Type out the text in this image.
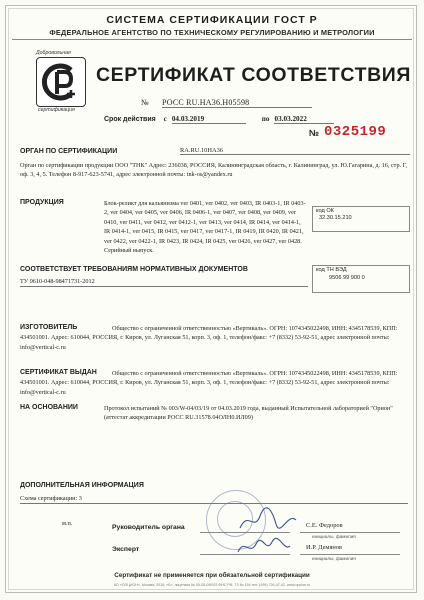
СИСТЕМА СЕРТИФИКАЦИИ ГОСТ Р
ФЕДЕРАЛЬНОЕ АГЕНТСТВО ПО ТЕХНИЧЕСКОМУ РЕГУЛИРОВАНИЮ И МЕТРОЛОГИИ
Добровольная
сертификация
СЕРТИФИКАТ СООТВЕТСТВИЯ
№ РОСС RU.НА36.Н05598
Срок действия с 04.03.2019	по 03.03.2022
№ 0325199
ОРГАН ПО СЕРТИФИКАЦИИ	RA.RU.10НА36
Орган по сертификации продукции ООО "ТНК" Адрес: 236038, РОССИЯ, Калининградская область, г. Калининград, ул. Ю.Гагарина, д. 16, стр. Г, оф. 3, 4, 5. Телефон 8-917-623-5741, адрес электронной почты: tnk-os@yandex.ru
ПРОДУКЦИЯ	Блок-реликт для кальянизма ver 0401, ver 0402, ver 0403, IR 0403-1, IR 0403-2, ver 0404, ver 0405, ver 0406, IR 0406-1, ver 0407, ver 0408, ver 0409, ver 0410, ver 0411, ver 0412, ver 0412-1, ver 0413, ver 0414, IR 0414, ver 0414-1, IR 0414-1, ver 0415, IR 0415, ver 0417, ver 0417-1, IR 0419, IR 0420, IR 0421, ver 0422, ver 0422-1, IR 0423, IR 0424, IR 0425, ver 0426, ver 0427, ver 0428. Серийный выпуск.
код ОК
32.30.15.210
СООТВЕТСТВУЕТ ТРЕБОВАНИЯМ НОРМАТИВНЫХ ДОКУМЕНТОВ
ТУ 9610-048-98471731-2012
код ТН ВЭД
9506 99 900 0
ИЗГОТОВИТЕЛЬ	Общество с ограниченной ответственностью «Вертикаль». ОГРН: 1074345022498, ИНН: 4345178539, КПП: 434501001. Адрес: 610044, РОССИЯ, г. Киров, ул. Луганская 51, корп. 3, оф. 1, телефон/факс: +7 (8332) 53-92-51, адрес электронной почты: info@vertical-c.ru
СЕРТИФИКАТ ВЫДАН	Общество с ограниченной ответственностью «Вертикаль». ОГРН: 1074345022498, ИНН: 4345178539, КПП: 434501001. Адрес: 610044, РОССИЯ, г. Киров, ул. Луганская 51, корп. 3, оф. 1, телефон/факс: +7 (8332) 53-92-51, адрес электронной почты: info@vertical-c.ru
НА ОСНОВАНИИ	Протокол испытаний № 003/W-04/03/19 от 04.03.2019 года, выданный Испытательной лабораторией "Орион" (аттестат аккредитации РОСС RU.31578.04ОЛН0.ИЛ09)
ДОПОЛНИТЕЛЬНАЯ ИНФОРМАЦИЯ
Схема сертификации: 3
м.п.
Руководитель органа	С.Е. Федоров
инициалы, фамилия
Эксперт	И.Р. Демянов
инициалы, фамилия
Сертификат не применяется при обязательной сертификации
АО «ОПЦИОН», Москва, 2018, «Б», лицензия № 05-05-09/003 ФНС РФ, ТЗ № 154 тел. (495) 726-47-42, www.opcion.ru
